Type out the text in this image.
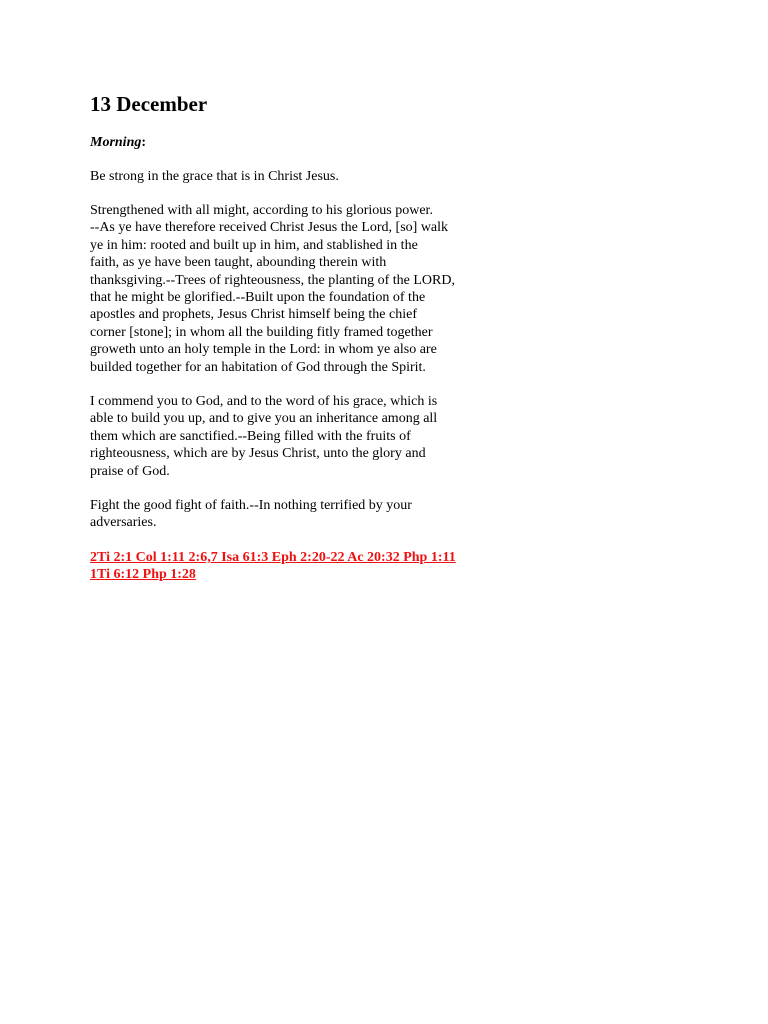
13 December

Morning:

Be strong in the grace that is in Christ Jesus.

Strengthened with all might, according to his glorious power.
--As ye have therefore received Christ Jesus the Lord, [so] walk
ye in him: rooted and built up in him, and stablished in the
faith, as ye have been taught, abounding therein with
thanksgiving.--Trees of righteousness, the planting of the LORD,
that he might be glorified.--Built upon the foundation of the
apostles and prophets, Jesus Christ himself being the chief
corner [stone]; in whom all the building fitly framed together
groweth unto an holy temple in the Lord: in whom ye also are
builded together for an habitation of God through the Spirit.

I commend you to God, and to the word of his grace, which is
able to build you up, and to give you an inheritance among all
them which are sanctified.--Being filled with the fruits of
righteousness, which are by Jesus Christ, unto the glory and
praise of God.

Fight the good fight of faith.--In nothing terrified by your
adversaries.

2Ti 2:1 Col 1:11 2:6,7 Isa 61:3 Eph 2:20-22 Ac 20:32 Php 1:11
1Ti 6:12 Php 1:28
